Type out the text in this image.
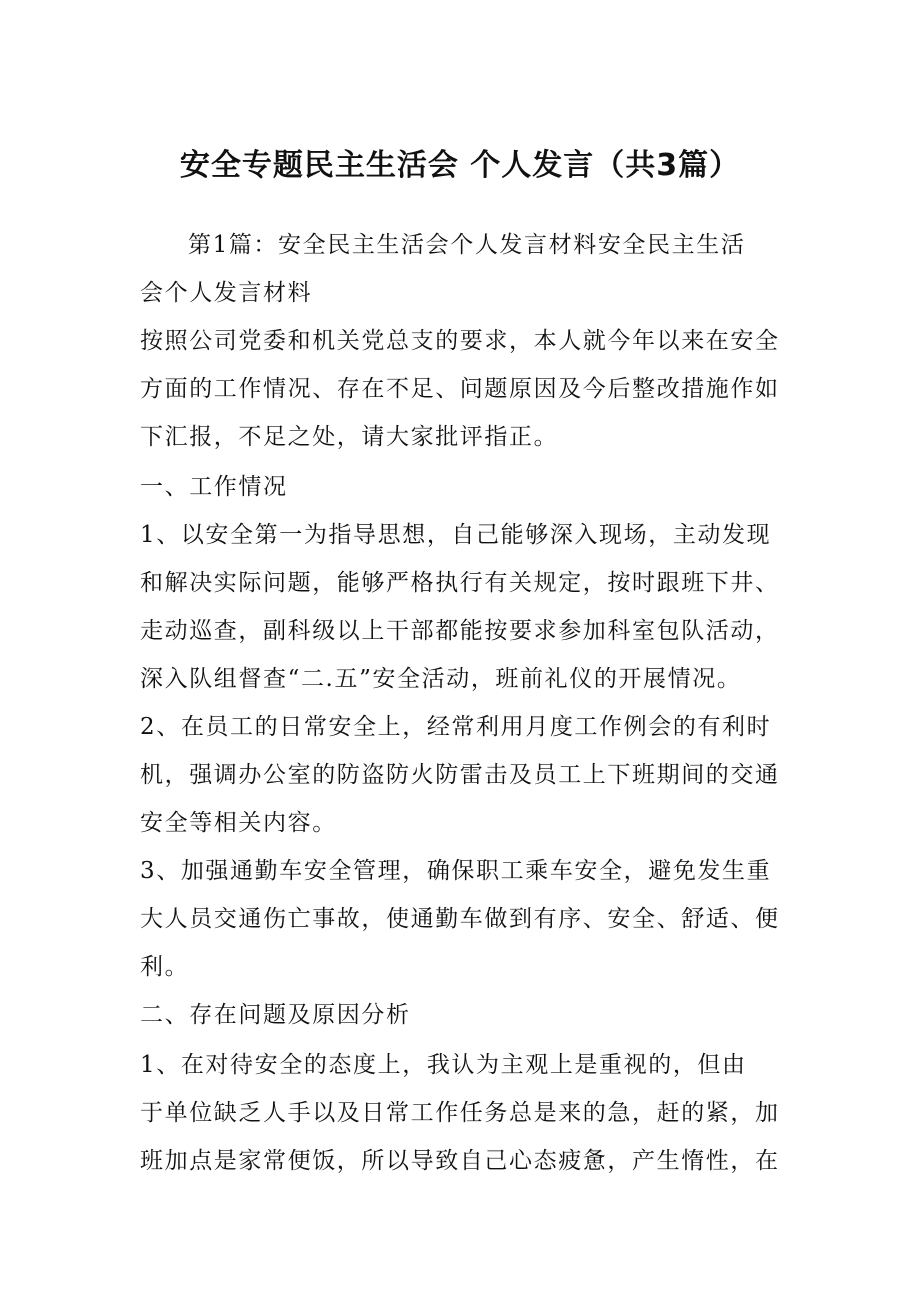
安全专题民主生活会 个人发言（共3篇）
第1篇：安全民主生活会个人发言材料安全民主生活
会个人发言材料
按照公司党委和机关党总支的要求，本人就今年以来在安全
方面的工作情况、存在不足、问题原因及今后整改措施作如
下汇报，不足之处，请大家批评指正。
一、工作情况
1、以安全第一为指导思想，自己能够深入现场，主动发现
和解决实际问题，能够严格执行有关规定，按时跟班下井、
走动巡查，副科级以上干部都能按要求参加科室包队活动，
深入队组督查“二.五”安全活动，班前礼仪的开展情况。
2、在员工的日常安全上，经常利用月度工作例会的有利时
机，强调办公室的防盗防火防雷击及员工上下班期间的交通
安全等相关内容。
3、加强通勤车安全管理，确保职工乘车安全，避免发生重
大人员交通伤亡事故，使通勤车做到有序、安全、舒适、便
利。
二、存在问题及原因分析
1、在对待安全的态度上，我认为主观上是重视的，但由
于单位缺乏人手以及日常工作任务总是来的急，赶的紧，加
班加点是家常便饭，所以导致自己心态疲惫，产生惰性，在
